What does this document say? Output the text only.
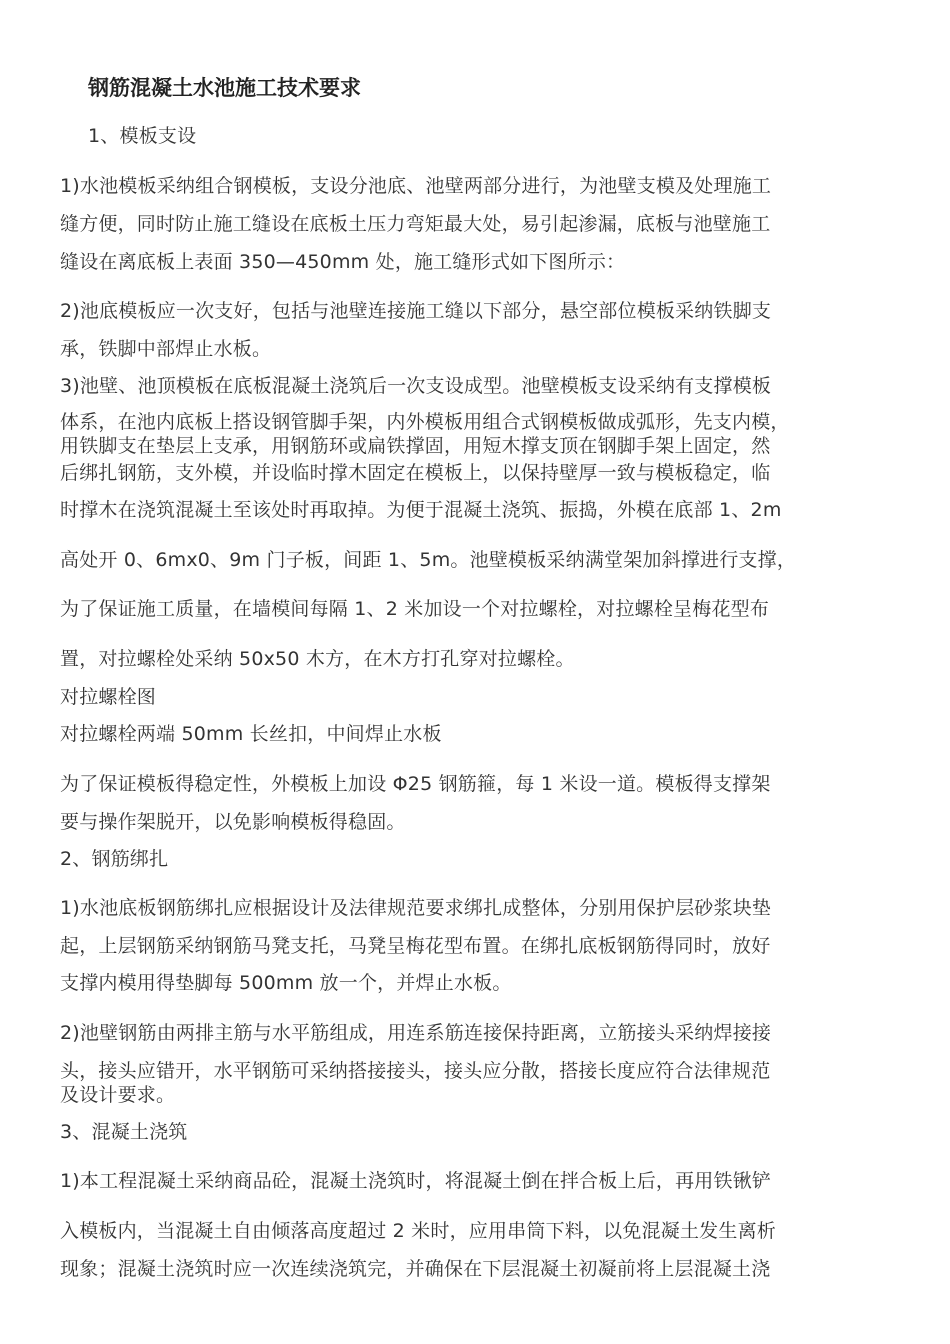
钢筋混凝土水池施工技术要求
1、模板支设
1)水池模板采纳组合钢模板，支设分池底、池壁两部分进行，为池壁支模及处理施工
缝方便，同时防止施工缝设在底板土压力弯矩最大处，易引起渗漏，底板与池壁施工
缝设在离底板上表面 350—450mm 处，施工缝形式如下图所示：
2)池底模板应一次支好，包括与池壁连接施工缝以下部分，悬空部位模板采纳铁脚支
承，铁脚中部焊止水板。
3)池壁、池顶模板在底板混凝土浇筑后一次支设成型。池壁模板支设采纳有支撑模板
体系，在池内底板上搭设钢管脚手架，内外模板用组合式钢模板做成弧形，先支内模，
用铁脚支在垫层上支承，用钢筋环或扁铁撑固，用短木撑支顶在钢脚手架上固定，然
后绑扎钢筋，支外模，并设临时撑木固定在模板上，以保持壁厚一致与模板稳定，临
时撑木在浇筑混凝土至该处时再取掉。为便于混凝土浇筑、振捣，外模在底部 1、2m
高处开 0、6mx0、9m 门子板，间距 1、5m。池壁模板采纳满堂架加斜撑进行支撑，
为了保证施工质量，在墙模间每隔 1、2 米加设一个对拉螺栓，对拉螺栓呈梅花型布
置，对拉螺栓处采纳 50x50 木方，在木方打孔穿对拉螺栓。
对拉螺栓图
对拉螺栓两端 50mm 长丝扣，中间焊止水板
为了保证模板得稳定性，外模板上加设 Φ25 钢筋箍，每 1 米设一道。模板得支撑架
要与操作架脱开，以免影响模板得稳固。
2、钢筋绑扎
1)水池底板钢筋绑扎应根据设计及法律规范要求绑扎成整体，分别用保护层砂浆块垫
起，上层钢筋采纳钢筋马凳支托，马凳呈梅花型布置。在绑扎底板钢筋得同时，放好
支撑内模用得垫脚每 500mm 放一个，并焊止水板。
2)池壁钢筋由两排主筋与水平筋组成，用连系筋连接保持距离，立筋接头采纳焊接接
头，接头应错开，水平钢筋可采纳搭接接头，接头应分散，搭接长度应符合法律规范
及设计要求。
3、混凝土浇筑
1)本工程混凝土采纳商品砼，混凝土浇筑时，将混凝土倒在拌合板上后，再用铁锹铲
入模板内，当混凝土自由倾落高度超过 2 米时，应用串筒下料，以免混凝土发生离析
现象；混凝土浇筑时应一次连续浇筑完，并确保在下层混凝土初凝前将上层混凝土浇
